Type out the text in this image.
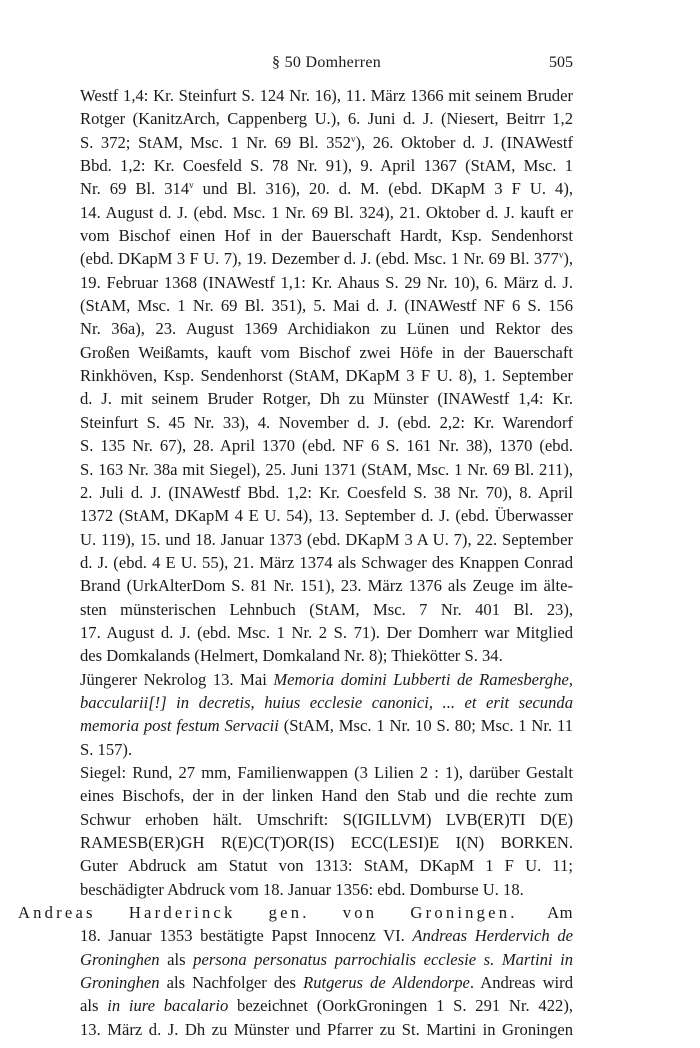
§ 50 Domherren	505
Westf 1,4: Kr. Steinfurt S. 124 Nr. 16), 11. März 1366 mit seinem Bruder
Rotger (KanitzArch, Cappenberg U.), 6. Juni d. J. (Niesert, Beitrr 1,2
S. 372; StAM, Msc. 1 Nr. 69 Bl. 352$^v$), 26. Oktober d. J. (INAWestf
Bbd. 1,2: Kr. Coesfeld S. 78 Nr. 91), 9. April 1367 (StAM, Msc. 1
Nr. 69 Bl. 314$^v$ und Bl. 316), 20. d. M. (ebd. DKapM 3 F U. 4),
14. August d. J. (ebd. Msc. 1 Nr. 69 Bl. 324), 21. Oktober d. J. kauft er
vom Bischof einen Hof in der Bauerschaft Hardt, Ksp. Sendenhorst
(ebd. DKapM 3 F U. 7), 19. Dezember d. J. (ebd. Msc. 1 Nr. 69 Bl. 377$^v$),
19. Februar 1368 (INAWestf 1,1: Kr. Ahaus S. 29 Nr. 10), 6. März d. J.
(StAM, Msc. 1 Nr. 69 Bl. 351), 5. Mai d. J. (INAWestf NF 6 S. 156
Nr. 36a), 23. August 1369 Archidiakon zu Lünen und Rektor des
Großen Weißamts, kauft vom Bischof zwei Höfe in der Bauerschaft
Rinkhöven, Ksp. Sendenhorst (StAM, DKapM 3 F U. 8), 1. September
d. J. mit seinem Bruder Rotger, Dh zu Münster (INAWestf 1,4: Kr.
Steinfurt S. 45 Nr. 33), 4. November d. J. (ebd. 2,2: Kr. Warendorf
S. 135 Nr. 67), 28. April 1370 (ebd. NF 6 S. 161 Nr. 38), 1370 (ebd.
S. 163 Nr. 38a mit Siegel), 25. Juni 1371 (StAM, Msc. 1 Nr. 69 Bl. 211),
2. Juli d. J. (INAWestf Bbd. 1,2: Kr. Coesfeld S. 38 Nr. 70), 8. April
1372 (StAM, DKapM 4 E U. 54), 13. September d. J. (ebd. Überwasser
U. 119), 15. und 18. Januar 1373 (ebd. DKapM 3 A U. 7), 22. September
d. J. (ebd. 4 E U. 55), 21. März 1374 als Schwager des Knappen Conrad
Brand (UrkAlterDom S. 81 Nr. 151), 23. März 1376 als Zeuge im älte-
sten münsterischen Lehnbuch (StAM, Msc. 7 Nr. 401 Bl. 23),
17. August d. J. (ebd. Msc. 1 Nr. 2 S. 71). Der Domherr war Mitglied
des Domkalands (Helmert, Domkaland Nr. 8); Thiekötter S. 34.
Jüngerer Nekrolog 13. Mai Memoria domini Lubberti de Ramesberghe,
baccularii[!] in decretis, huius ecclesie canonici, ... et erit secunda
memoria post festum Servacii (StAM, Msc. 1 Nr. 10 S. 80; Msc. 1 Nr. 11
S. 157).
Siegel: Rund, 27 mm, Familienwappen (3 Lilien 2 : 1), darüber Gestalt
eines Bischofs, der in der linken Hand den Stab und die rechte zum
Schwur erhoben hält. Umschrift: S(IGILLVM) LVB(ER)TI D(E)
RAMESB(ER)GH R(E)C(T)OR(IS) ECC(LESI)E I(N) BORKEN.
Guter Abdruck am Statut von 1313: StAM, DKapM 1 F U. 11;
beschädigter Abdruck vom 18. Januar 1356: ebd. Domburse U. 18.
Andreas Harderinck gen. von Groningen. Am
18. Januar 1353 bestätigte Papst Innocenz VI. Andreas Herdervich de
Groninghen als persona personatus parrochialis ecclesie s. Martini in
Groninghen als Nachfolger des Rutgerus de Aldendorpe. Andreas wird
als in iure bacalario bezeichnet (OorkGroningen 1 S. 291 Nr. 422),
13. März d. J. Dh zu Münster und Pfarrer zu St. Martini in Groningen
